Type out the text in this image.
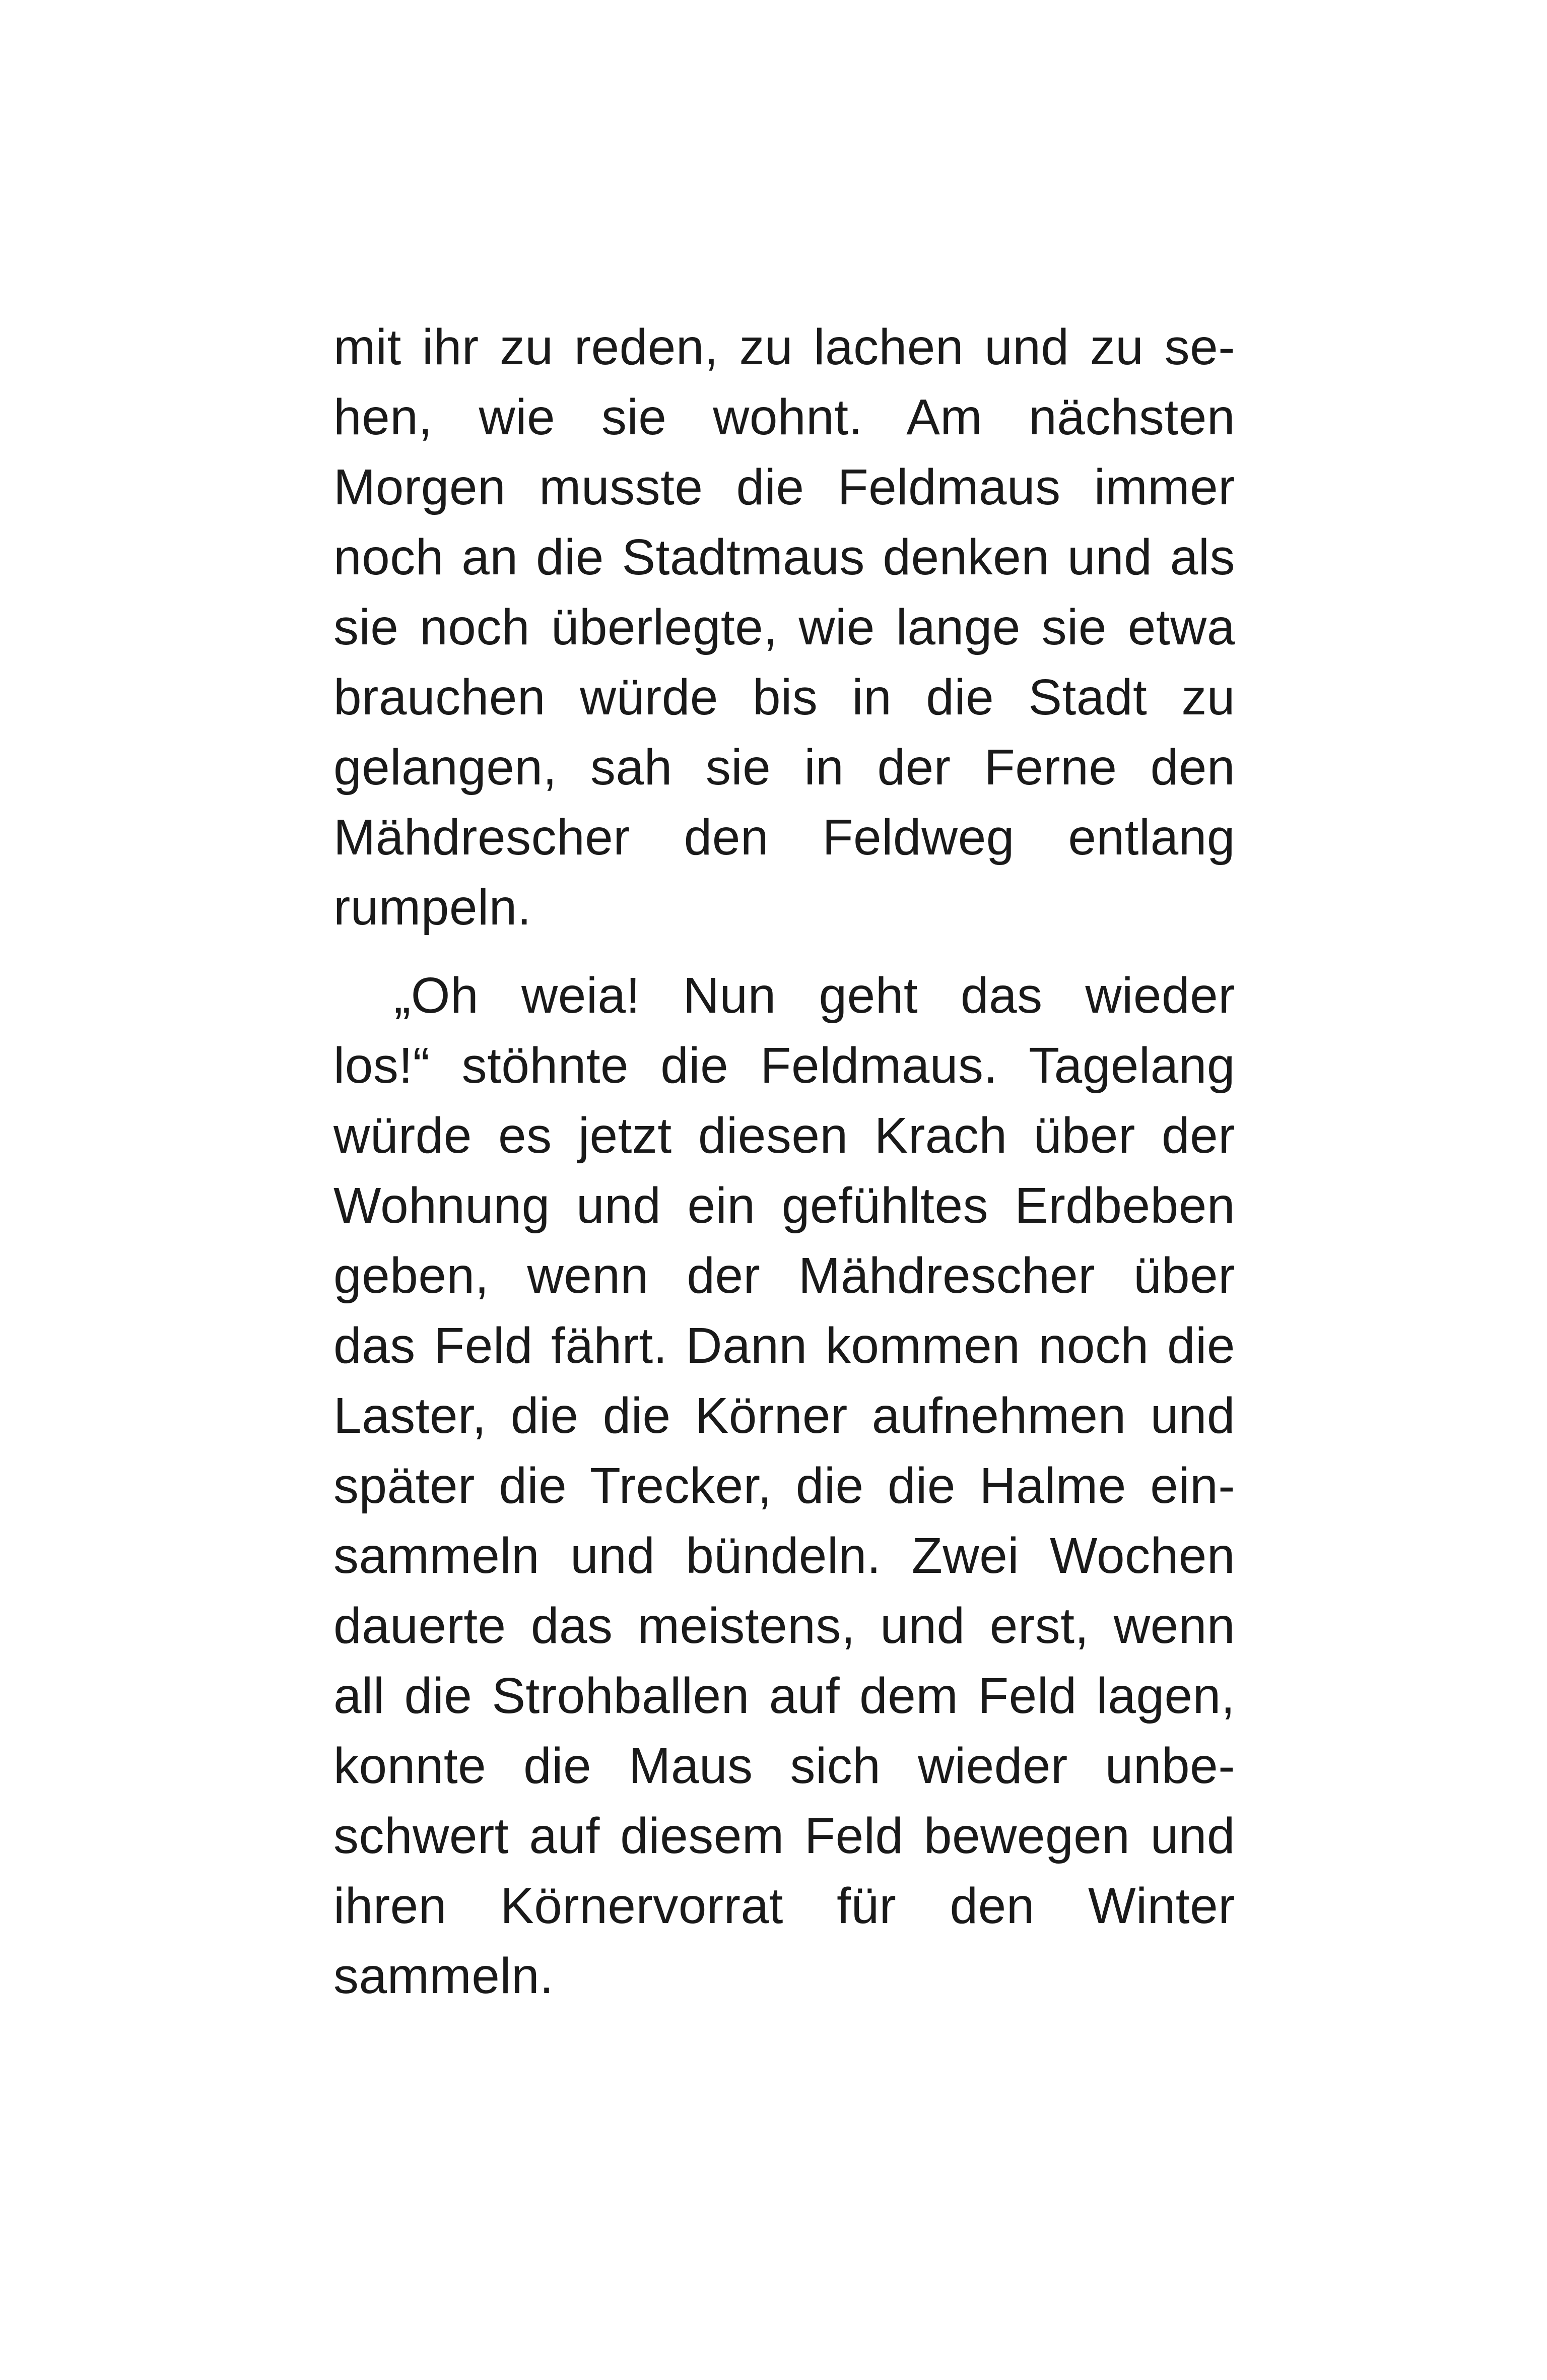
mit ihr zu reden, zu lachen und zu se-
hen, wie sie wohnt. Am nächsten
Morgen musste die Feldmaus immer
noch an die Stadtmaus denken und als
sie noch überlegte, wie lange sie etwa
brauchen würde bis in die Stadt zu
gelangen, sah sie in der Ferne den
Mähdrescher den Feldweg entlang
rumpeln.
„Oh weia! Nun geht das wieder
los!“ stöhnte die Feldmaus. Tagelang
würde es jetzt diesen Krach über der
Wohnung und ein gefühltes Erdbeben
geben, wenn der Mähdrescher über
das Feld fährt. Dann kommen noch die
Laster, die die Körner aufnehmen und
später die Trecker, die die Halme ein-
sammeln und bündeln. Zwei Wochen
dauerte das meistens, und erst, wenn
all die Strohballen auf dem Feld lagen,
konnte die Maus sich wieder unbe-
schwert auf diesem Feld bewegen und
ihren Körnervorrat für den Winter
sammeln.
